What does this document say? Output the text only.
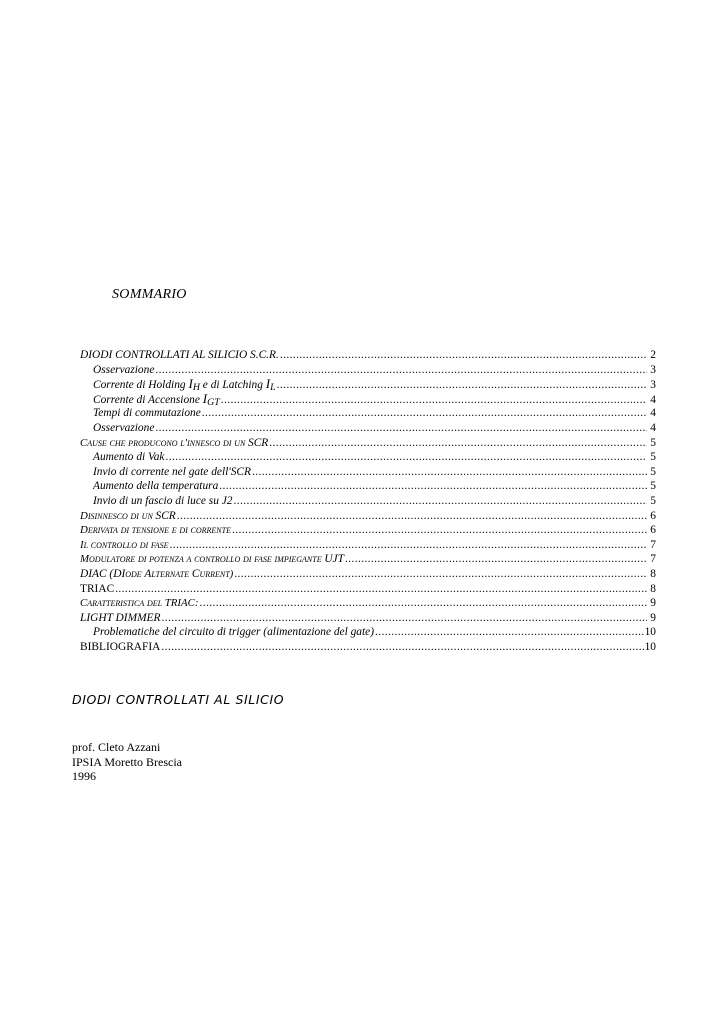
SOMMARIO
DIODI CONTROLLATI AL SILICIO S.C.R. .....	2
Osservazione .....	3
Corrente di Holding $I_H$ e di Latching $I_L$ .....	3
Corrente di Accensione $I_{GT}$ .....	4
Tempi di commutazione .....	4
Osservazione .....	4
Cause che producono l'innesco di un SCR .....	5
Aumento di Vak .....	5
Invio di corrente nel gate dell'SCR .....	5
Aumento della temperatura .....	5
Invio di un fascio di luce su J2 .....	5
Disinnesco di un SCR .....	6
Derivata di tensione e di corrente .....	6
Il controllo di fase .....	7
Modulatore di potenza a controllo di fase impiegante UJT .....	7
DIAC (DIode Alternate Current) .....	8
TRIAC .....	8
Caratteristica del TRIAC: .....	9
LIGHT DIMMER .....	9
Problematiche del circuito di trigger (alimentazione del gate) .....	10
BIBLIOGRAFIA .....	10
DIODI CONTROLLATI AL SILICIO
prof. Cleto Azzani
IPSIA Moretto Brescia
1996
